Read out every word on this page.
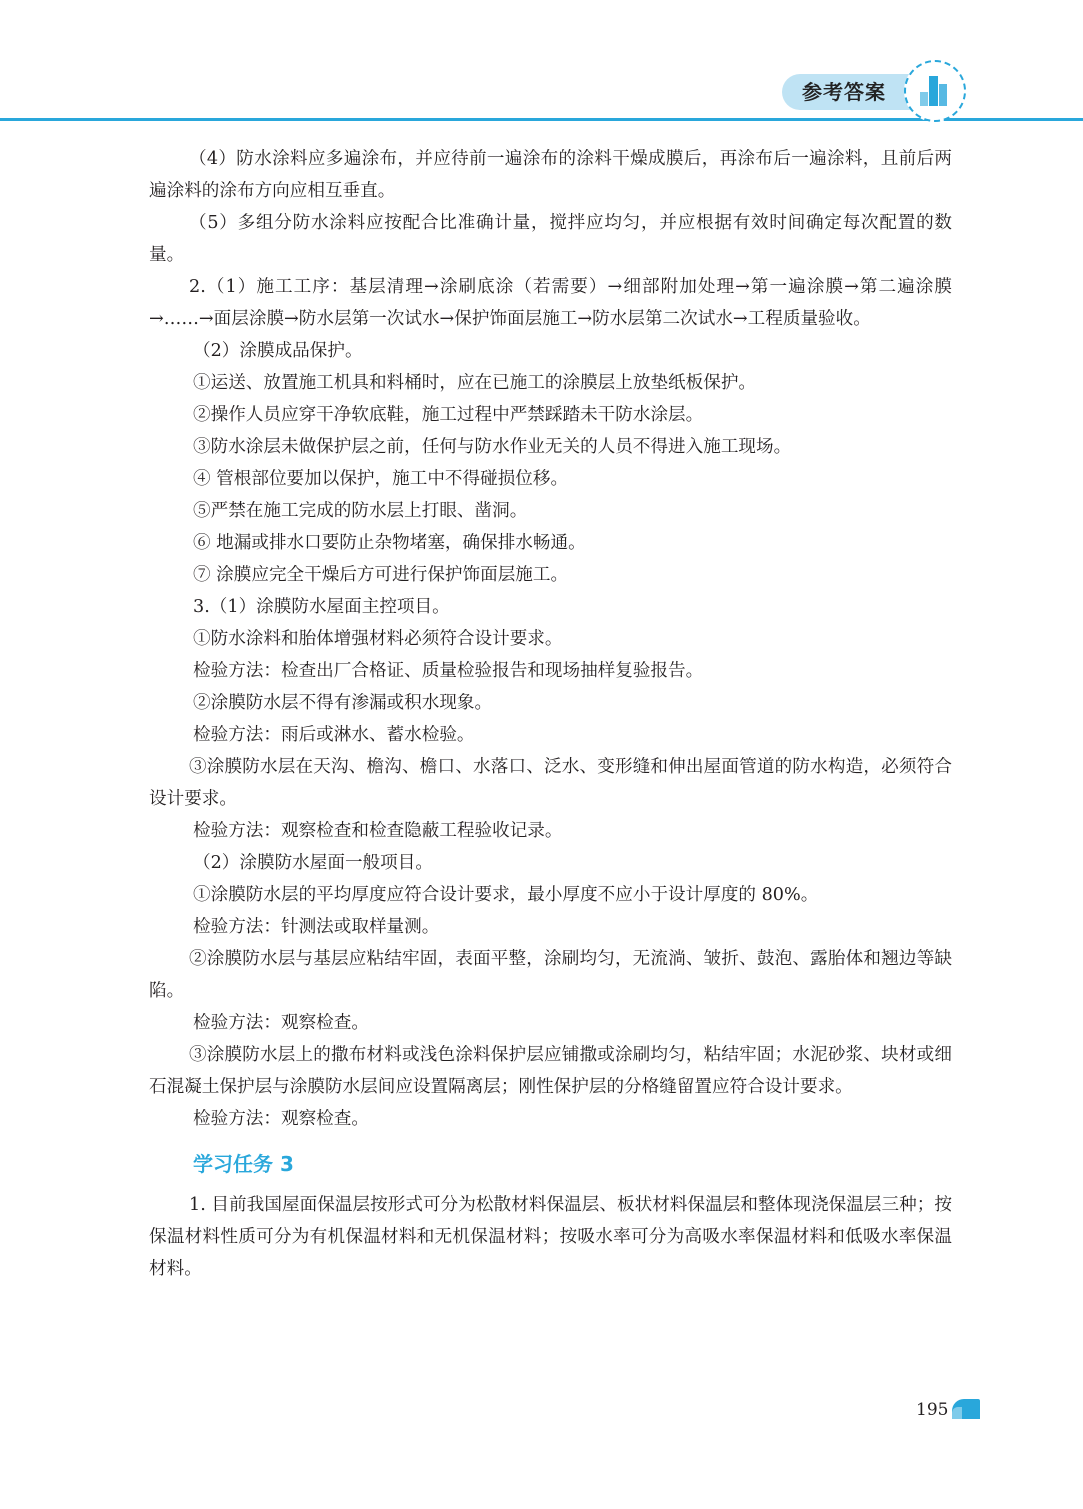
参考答案

（4）防水涂料应多遍涂布，并应待前一遍涂布的涂料干燥成膜后，再涂布后一遍涂料，且前后两遍涂料的涂布方向应相互垂直。

（5）多组分防水涂料应按配合比准确计量，搅拌应均匀，并应根据有效时间确定每次配置的数量。

2.（1）施工工序：基层清理→涂刷底涂（若需要）→细部附加处理→第一遍涂膜→第二遍涂膜→……→面层涂膜→防水层第一次试水→保护饰面层施工→防水层第二次试水→工程质量验收。

（2）涂膜成品保护。

①运送、放置施工机具和料桶时，应在已施工的涂膜层上放垫纸板保护。

②操作人员应穿干净软底鞋，施工过程中严禁踩踏未干防水涂层。

③防水涂层未做保护层之前，任何与防水作业无关的人员不得进入施工现场。

④ 管根部位要加以保护，施工中不得碰损位移。

⑤严禁在施工完成的防水层上打眼、凿洞。

⑥ 地漏或排水口要防止杂物堵塞，确保排水畅通。

⑦ 涂膜应完全干燥后方可进行保护饰面层施工。

3.（1）涂膜防水屋面主控项目。

①防水涂料和胎体增强材料必须符合设计要求。

检验方法：检查出厂合格证、质量检验报告和现场抽样复验报告。

②涂膜防水层不得有渗漏或积水现象。

检验方法：雨后或淋水、蓄水检验。

③涂膜防水层在天沟、檐沟、檐口、水落口、泛水、变形缝和伸出屋面管道的防水构造，必须符合设计要求。

检验方法：观察检查和检查隐蔽工程验收记录。

（2）涂膜防水屋面一般项目。

①涂膜防水层的平均厚度应符合设计要求，最小厚度不应小于设计厚度的 80%。

检验方法：针测法或取样量测。

②涂膜防水层与基层应粘结牢固，表面平整，涂刷均匀，无流淌、皱折、鼓泡、露胎体和翘边等缺陷。

检验方法：观察检查。

③涂膜防水层上的撒布材料或浅色涂料保护层应铺撒或涂刷均匀，粘结牢固；水泥砂浆、块材或细石混凝土保护层与涂膜防水层间应设置隔离层；刚性保护层的分格缝留置应符合设计要求。

检验方法：观察检查。

学习任务 3

1. 目前我国屋面保温层按形式可分为松散材料保温层、板状材料保温层和整体现浇保温层三种；按保温材料性质可分为有机保温材料和无机保温材料；按吸水率可分为高吸水率保温材料和低吸水率保温材料。

195
